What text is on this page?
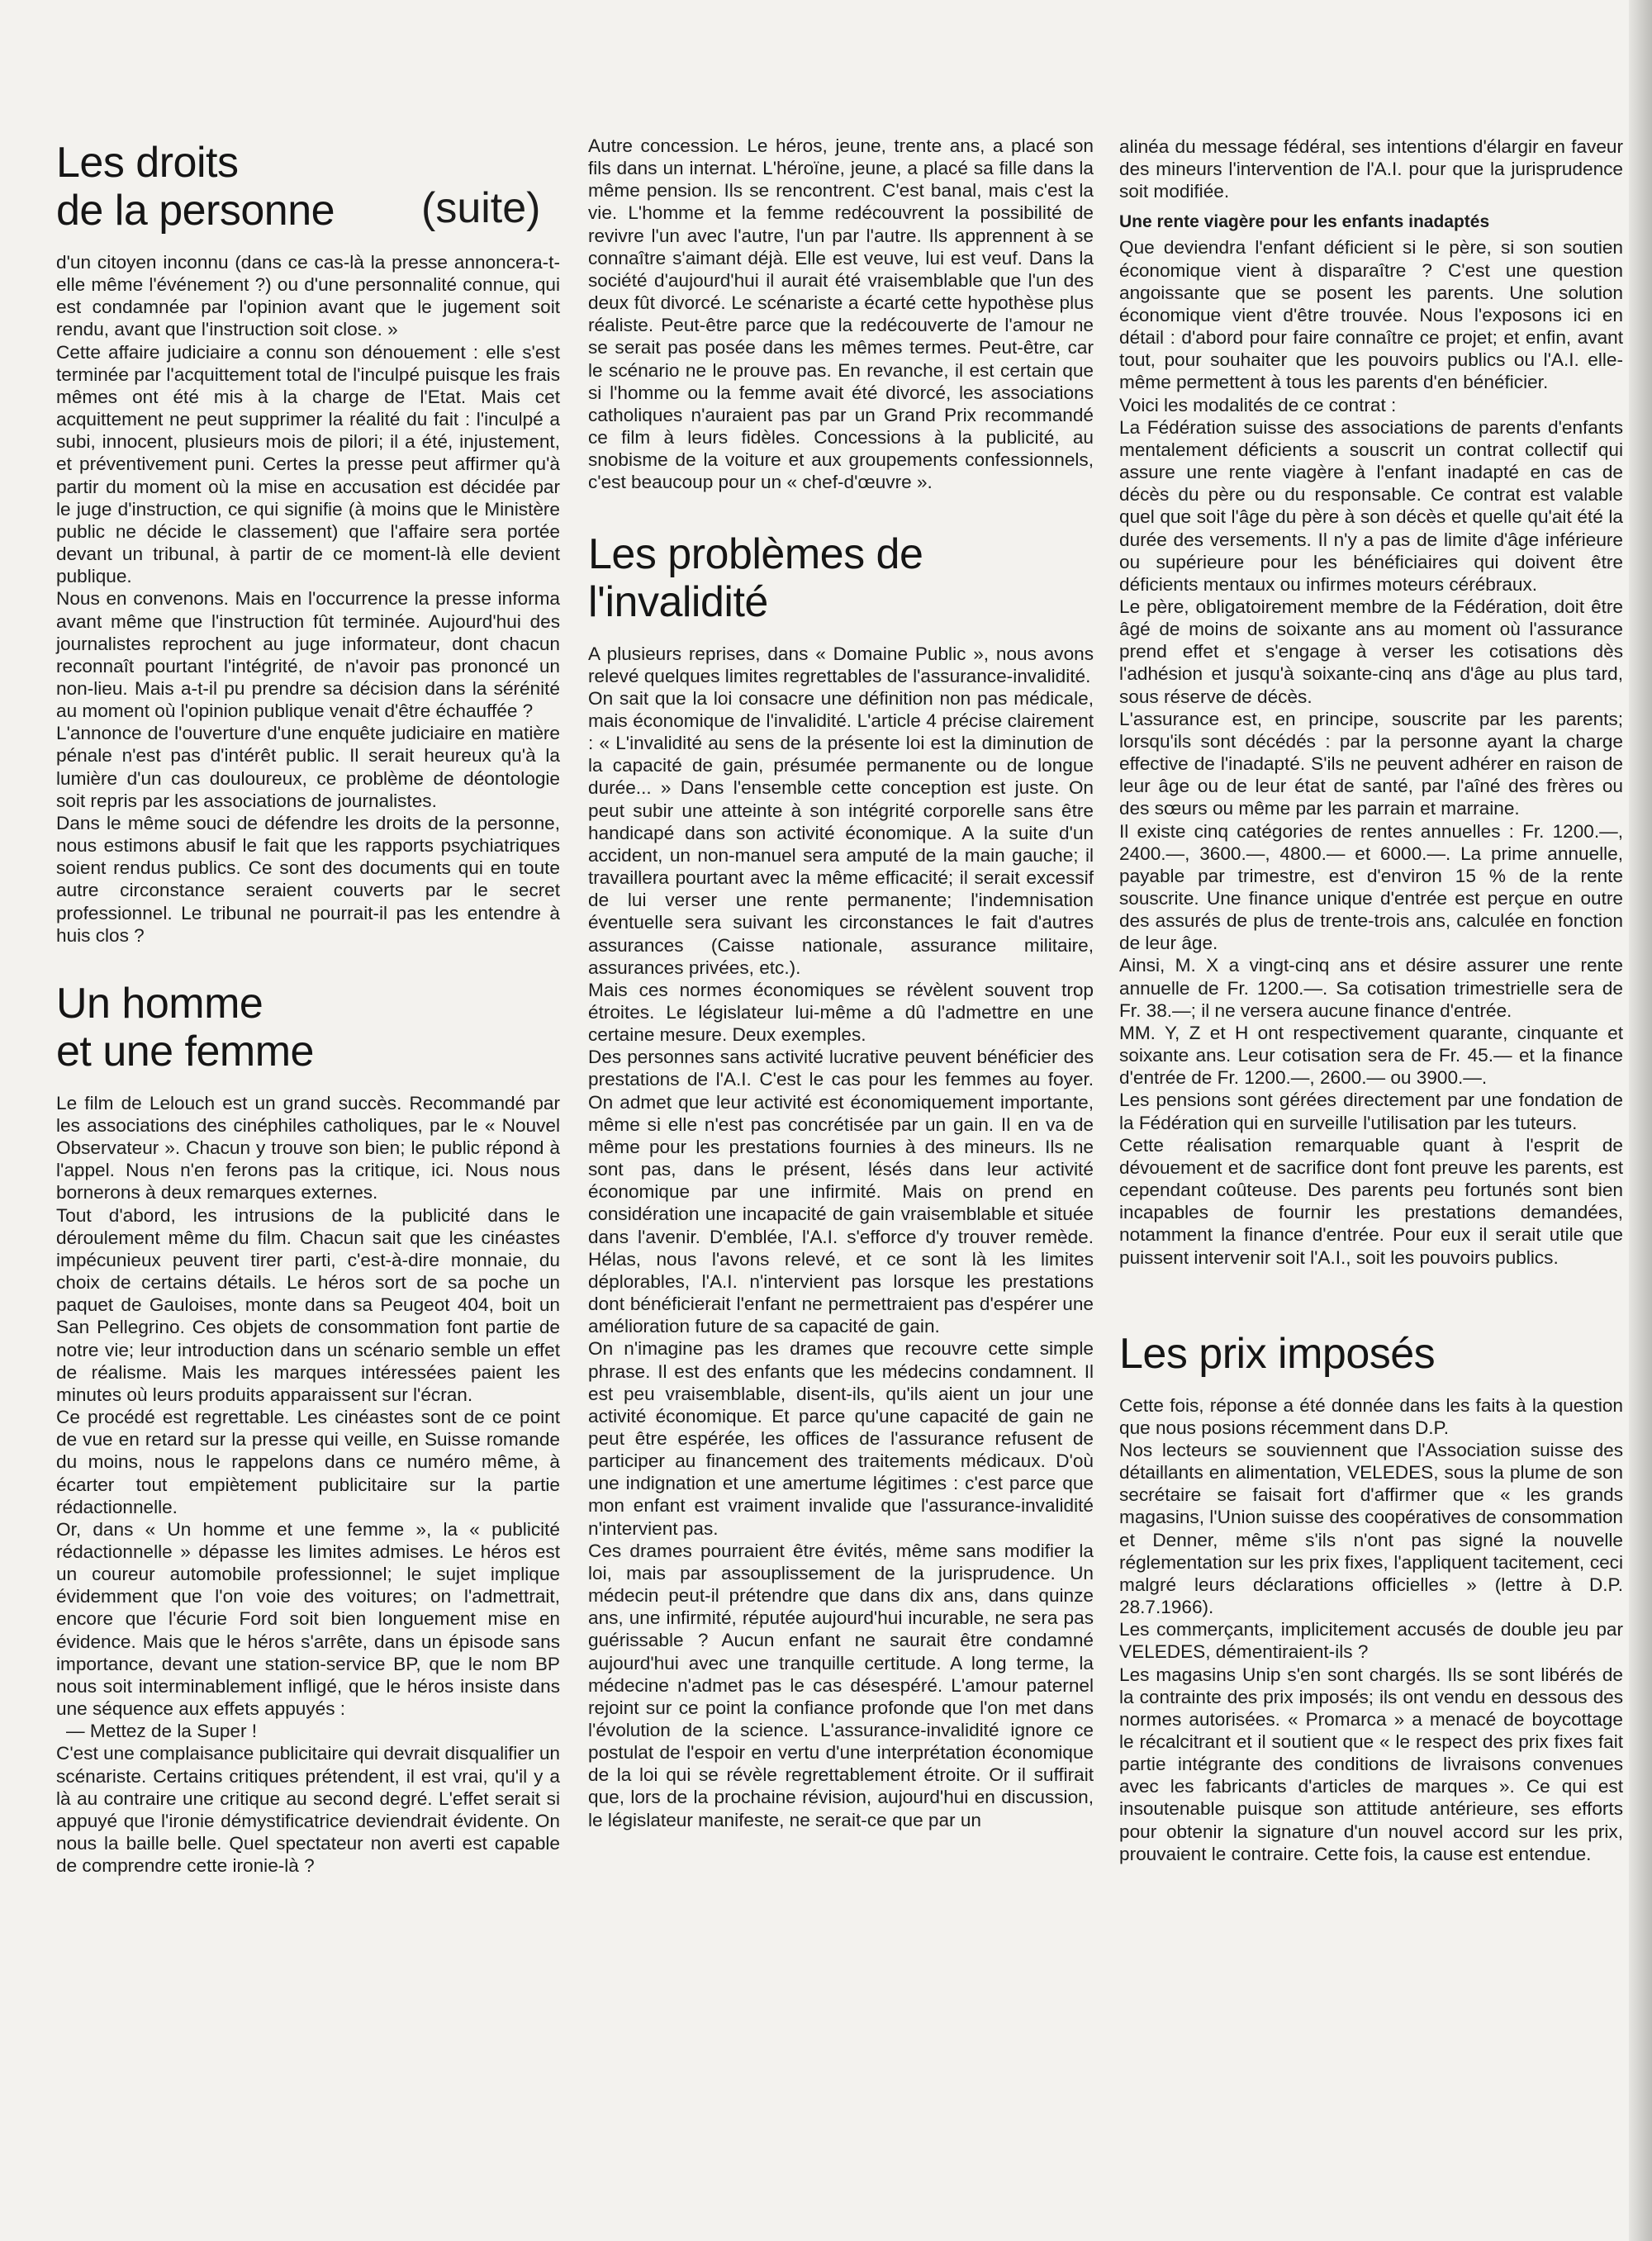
Les droits
de la personne

d'un citoyen inconnu (dans ce cas-là la presse annoncera-t-elle même l'événement ?) ou d'une personnalité connue, qui est condamnée par l'opinion avant que le jugement soit rendu, avant que l'instruction soit close. »

Cette affaire judiciaire a connu son dénouement : elle s'est terminée par l'acquittement total de l'inculpé puisque les frais mêmes ont été mis à la charge de l'Etat. Mais cet acquittement ne peut supprimer la réalité du fait : l'inculpé a subi, innocent, plusieurs mois de pilori; il a été, injustement, et préventivement puni. Certes la presse peut affirmer qu'à partir du moment où la mise en accusation est décidée par le juge d'instruction, ce qui signifie (à moins que le Ministère public ne décide le classement) que l'affaire sera portée devant un tribunal, à partir de ce moment-là elle devient publique.

Nous en convenons. Mais en l'occurrence la presse informa avant même que l'instruction fût terminée. Aujourd'hui des journalistes reprochent au juge informateur, dont chacun reconnaît pourtant l'intégrité, de n'avoir pas prononcé un non-lieu. Mais a-t-il pu prendre sa décision dans la sérénité au moment où l'opinion publique venait d'être échauffée ?

L'annonce de l'ouverture d'une enquête judiciaire en matière pénale n'est pas d'intérêt public. Il serait heureux qu'à la lumière d'un cas douloureux, ce problème de déontologie soit repris par les associations de journalistes.

Dans le même souci de défendre les droits de la personne, nous estimons abusif le fait que les rapports psychiatriques soient rendus publics. Ce sont des documents qui en toute autre circonstance seraient couverts par le secret professionnel. Le tribunal ne pourrait-il pas les entendre à huis clos ?

Un homme
et une femme

Le film de Lelouch est un grand succès. Recommandé par les associations des cinéphiles catholiques, par le « Nouvel Observateur ». Chacun y trouve son bien; le public répond à l'appel. Nous n'en ferons pas la critique, ici. Nous nous bornerons à deux remarques externes.

Tout d'abord, les intrusions de la publicité dans le déroulement même du film. Chacun sait que les cinéastes impécunieux peuvent tirer parti, c'est-à-dire monnaie, du choix de certains détails. Le héros sort de sa poche un paquet de Gauloises, monte dans sa Peugeot 404, boit un San Pellegrino. Ces objets de consommation font partie de notre vie; leur introduction dans un scénario semble un effet de réalisme. Mais les marques intéressées paient les minutes où leurs produits apparaissent sur l'écran.

Ce procédé est regrettable. Les cinéastes sont de ce point de vue en retard sur la presse qui veille, en Suisse romande du moins, nous le rappelons dans ce numéro même, à écarter tout empiètement publicitaire sur la partie rédactionnelle.

Or, dans « Un homme et une femme », la « publicité rédactionnelle » dépasse les limites admises. Le héros est un coureur automobile professionnel; le sujet implique évidemment que l'on voie des voitures; on l'admettrait, encore que l'écurie Ford soit bien longuement mise en évidence. Mais que le héros s'arrête, dans un épisode sans importance, devant une station-service BP, que le nom BP nous soit interminablement infligé, que le héros insiste dans une séquence aux effets appuyés :

— Mettez de la Super !

C'est une complaisance publicitaire qui devrait disqualifier un scénariste. Certains critiques prétendent, il est vrai, qu'il y a là au contraire une critique au second degré. L'effet serait si appuyé que l'ironie démystificatrice deviendrait évidente. On nous la baille belle. Quel spectateur non averti est capable de comprendre cette ironie-là ?

(suite)

Autre concession. Le héros, jeune, trente ans, a placé son fils dans un internat. L'héroïne, jeune, a placé sa fille dans la même pension. Ils se rencontrent. C'est banal, mais c'est la vie. L'homme et la femme redécouvrent la possibilité de revivre l'un avec l'autre, l'un par l'autre. Ils apprennent à se connaître s'aimant déjà. Elle est veuve, lui est veuf. Dans la société d'aujourd'hui il aurait été vraisemblable que l'un des deux fût divorcé. Le scénariste a écarté cette hypothèse plus réaliste. Peut-être parce que la redécouverte de l'amour ne se serait pas posée dans les mêmes termes. Peut-être, car le scénario ne le prouve pas. En revanche, il est certain que si l'homme ou la femme avait été divorcé, les associations catholiques n'auraient pas par un Grand Prix recommandé ce film à leurs fidèles. Concessions à la publicité, au snobisme de la voiture et aux groupements confessionnels, c'est beaucoup pour un « chef-d'œuvre ».

Les problèmes de
l'invalidité

A plusieurs reprises, dans « Domaine Public », nous avons relevé quelques limites regrettables de l'assurance-invalidité.

On sait que la loi consacre une définition non pas médicale, mais économique de l'invalidité. L'article 4 précise clairement : « L'invalidité au sens de la présente loi est la diminution de la capacité de gain, présumée permanente ou de longue durée... » Dans l'ensemble cette conception est juste. On peut subir une atteinte à son intégrité corporelle sans être handicapé dans son activité économique. A la suite d'un accident, un non-manuel sera amputé de la main gauche; il travaillera pourtant avec la même efficacité; il serait excessif de lui verser une rente permanente; l'indemnisation éventuelle sera suivant les circonstances le fait d'autres assurances (Caisse nationale, assurance militaire, assurances privées, etc.).

Mais ces normes économiques se révèlent souvent trop étroites. Le législateur lui-même a dû l'admettre en une certaine mesure. Deux exemples.

Des personnes sans activité lucrative peuvent bénéficier des prestations de l'A.I. C'est le cas pour les femmes au foyer. On admet que leur activité est économiquement importante, même si elle n'est pas concrétisée par un gain. Il en va de même pour les prestations fournies à des mineurs. Ils ne sont pas, dans le présent, lésés dans leur activité économique par une infirmité. Mais on prend en considération une incapacité de gain vraisemblable et située dans l'avenir. D'emblée, l'A.I. s'efforce d'y trouver remède. Hélas, nous l'avons relevé, et ce sont là les limites déplorables, l'A.I. n'intervient pas lorsque les prestations dont bénéficierait l'enfant ne permettraient pas d'espérer une amélioration future de sa capacité de gain.

On n'imagine pas les drames que recouvre cette simple phrase. Il est des enfants que les médecins condamnent. Il est peu vraisemblable, disent-ils, qu'ils aient un jour une activité économique. Et parce qu'une capacité de gain ne peut être espérée, les offices de l'assurance refusent de participer au financement des traitements médicaux. D'où une indignation et une amertume légitimes : c'est parce que mon enfant est vraiment invalide que l'assurance-invalidité n'intervient pas.

Ces drames pourraient être évités, même sans modifier la loi, mais par assouplissement de la jurisprudence. Un médecin peut-il prétendre que dans dix ans, dans quinze ans, une infirmité, réputée aujourd'hui incurable, ne sera pas guérissable ? Aucun enfant ne saurait être condamné aujourd'hui avec une tranquille certitude. A long terme, la médecine n'admet pas le cas désespéré. L'amour paternel rejoint sur ce point la confiance profonde que l'on met dans l'évolution de la science. L'assurance-invalidité ignore ce postulat de l'espoir en vertu d'une interprétation économique de la loi qui se révèle regrettablement étroite. Or il suffirait que, lors de la prochaine révision, aujourd'hui en discussion, le législateur manifeste, ne serait-ce que par un

alinéa du message fédéral, ses intentions d'élargir en faveur des mineurs l'intervention de l'A.I. pour que la jurisprudence soit modifiée.

Une rente viagère pour les enfants inadaptés

Que deviendra l'enfant déficient si le père, si son soutien économique vient à disparaître ? C'est une question angoissante que se posent les parents. Une solution économique vient d'être trouvée. Nous l'exposons ici en détail : d'abord pour faire connaître ce projet; et enfin, avant tout, pour souhaiter que les pouvoirs publics ou l'A.I. elle-même permettent à tous les parents d'en bénéficier.

Voici les modalités de ce contrat :

La Fédération suisse des associations de parents d'enfants mentalement déficients a souscrit un contrat collectif qui assure une rente viagère à l'enfant inadapté en cas de décès du père ou du responsable. Ce contrat est valable quel que soit l'âge du père à son décès et quelle qu'ait été la durée des versements. Il n'y a pas de limite d'âge inférieure ou supérieure pour les bénéficiaires qui doivent être déficients mentaux ou infirmes moteurs cérébraux.

Le père, obligatoirement membre de la Fédération, doit être âgé de moins de soixante ans au moment où l'assurance prend effet et s'engage à verser les cotisations dès l'adhésion et jusqu'à soixante-cinq ans d'âge au plus tard, sous réserve de décès.

L'assurance est, en principe, souscrite par les parents; lorsqu'ils sont décédés : par la personne ayant la charge effective de l'inadapté. S'ils ne peuvent adhérer en raison de leur âge ou de leur état de santé, par l'aîné des frères ou des sœurs ou même par les parrain et marraine.

Il existe cinq catégories de rentes annuelles : Fr. 1200.—, 2400.—, 3600.—, 4800.— et 6000.—. La prime annuelle, payable par trimestre, est d'environ 15 % de la rente souscrite. Une finance unique d'entrée est perçue en outre des assurés de plus de trente-trois ans, calculée en fonction de leur âge.

Ainsi, M. X a vingt-cinq ans et désire assurer une rente annuelle de Fr. 1200.—. Sa cotisation trimestrielle sera de Fr. 38.—; il ne versera aucune finance d'entrée.

MM. Y, Z et H ont respectivement quarante, cinquante et soixante ans. Leur cotisation sera de Fr. 45.— et la finance d'entrée de Fr. 1200.—, 2600.— ou 3900.—.

Les pensions sont gérées directement par une fondation de la Fédération qui en surveille l'utilisation par les tuteurs.

Cette réalisation remarquable quant à l'esprit de dévouement et de sacrifice dont font preuve les parents, est cependant coûteuse. Des parents peu fortunés sont bien incapables de fournir les prestations demandées, notamment la finance d'entrée. Pour eux il serait utile que puissent intervenir soit l'A.I., soit les pouvoirs publics.

Les prix imposés

Cette fois, réponse a été donnée dans les faits à la question que nous posions récemment dans D.P.

Nos lecteurs se souviennent que l'Association suisse des détaillants en alimentation, VELEDES, sous la plume de son secrétaire se faisait fort d'affirmer que « les grands magasins, l'Union suisse des coopératives de consommation et Denner, même s'ils n'ont pas signé la nouvelle réglementation sur les prix fixes, l'appliquent tacitement, ceci malgré leurs déclarations officielles » (lettre à D.P. 28.7.1966).

Les commerçants, implicitement accusés de double jeu par VELEDES, démentiraient-ils ?

Les magasins Unip s'en sont chargés. Ils se sont libérés de la contrainte des prix imposés; ils ont vendu en dessous des normes autorisées. « Promarca » a menacé de boycottage le récalcitrant et il soutient que « le respect des prix fixes fait partie intégrante des conditions de livraisons convenues avec les fabricants d'articles de marques ». Ce qui est insoutenable puisque son attitude antérieure, ses efforts pour obtenir la signature d'un nouvel accord sur les prix, prouvaient le contraire. Cette fois, la cause est entendue.
